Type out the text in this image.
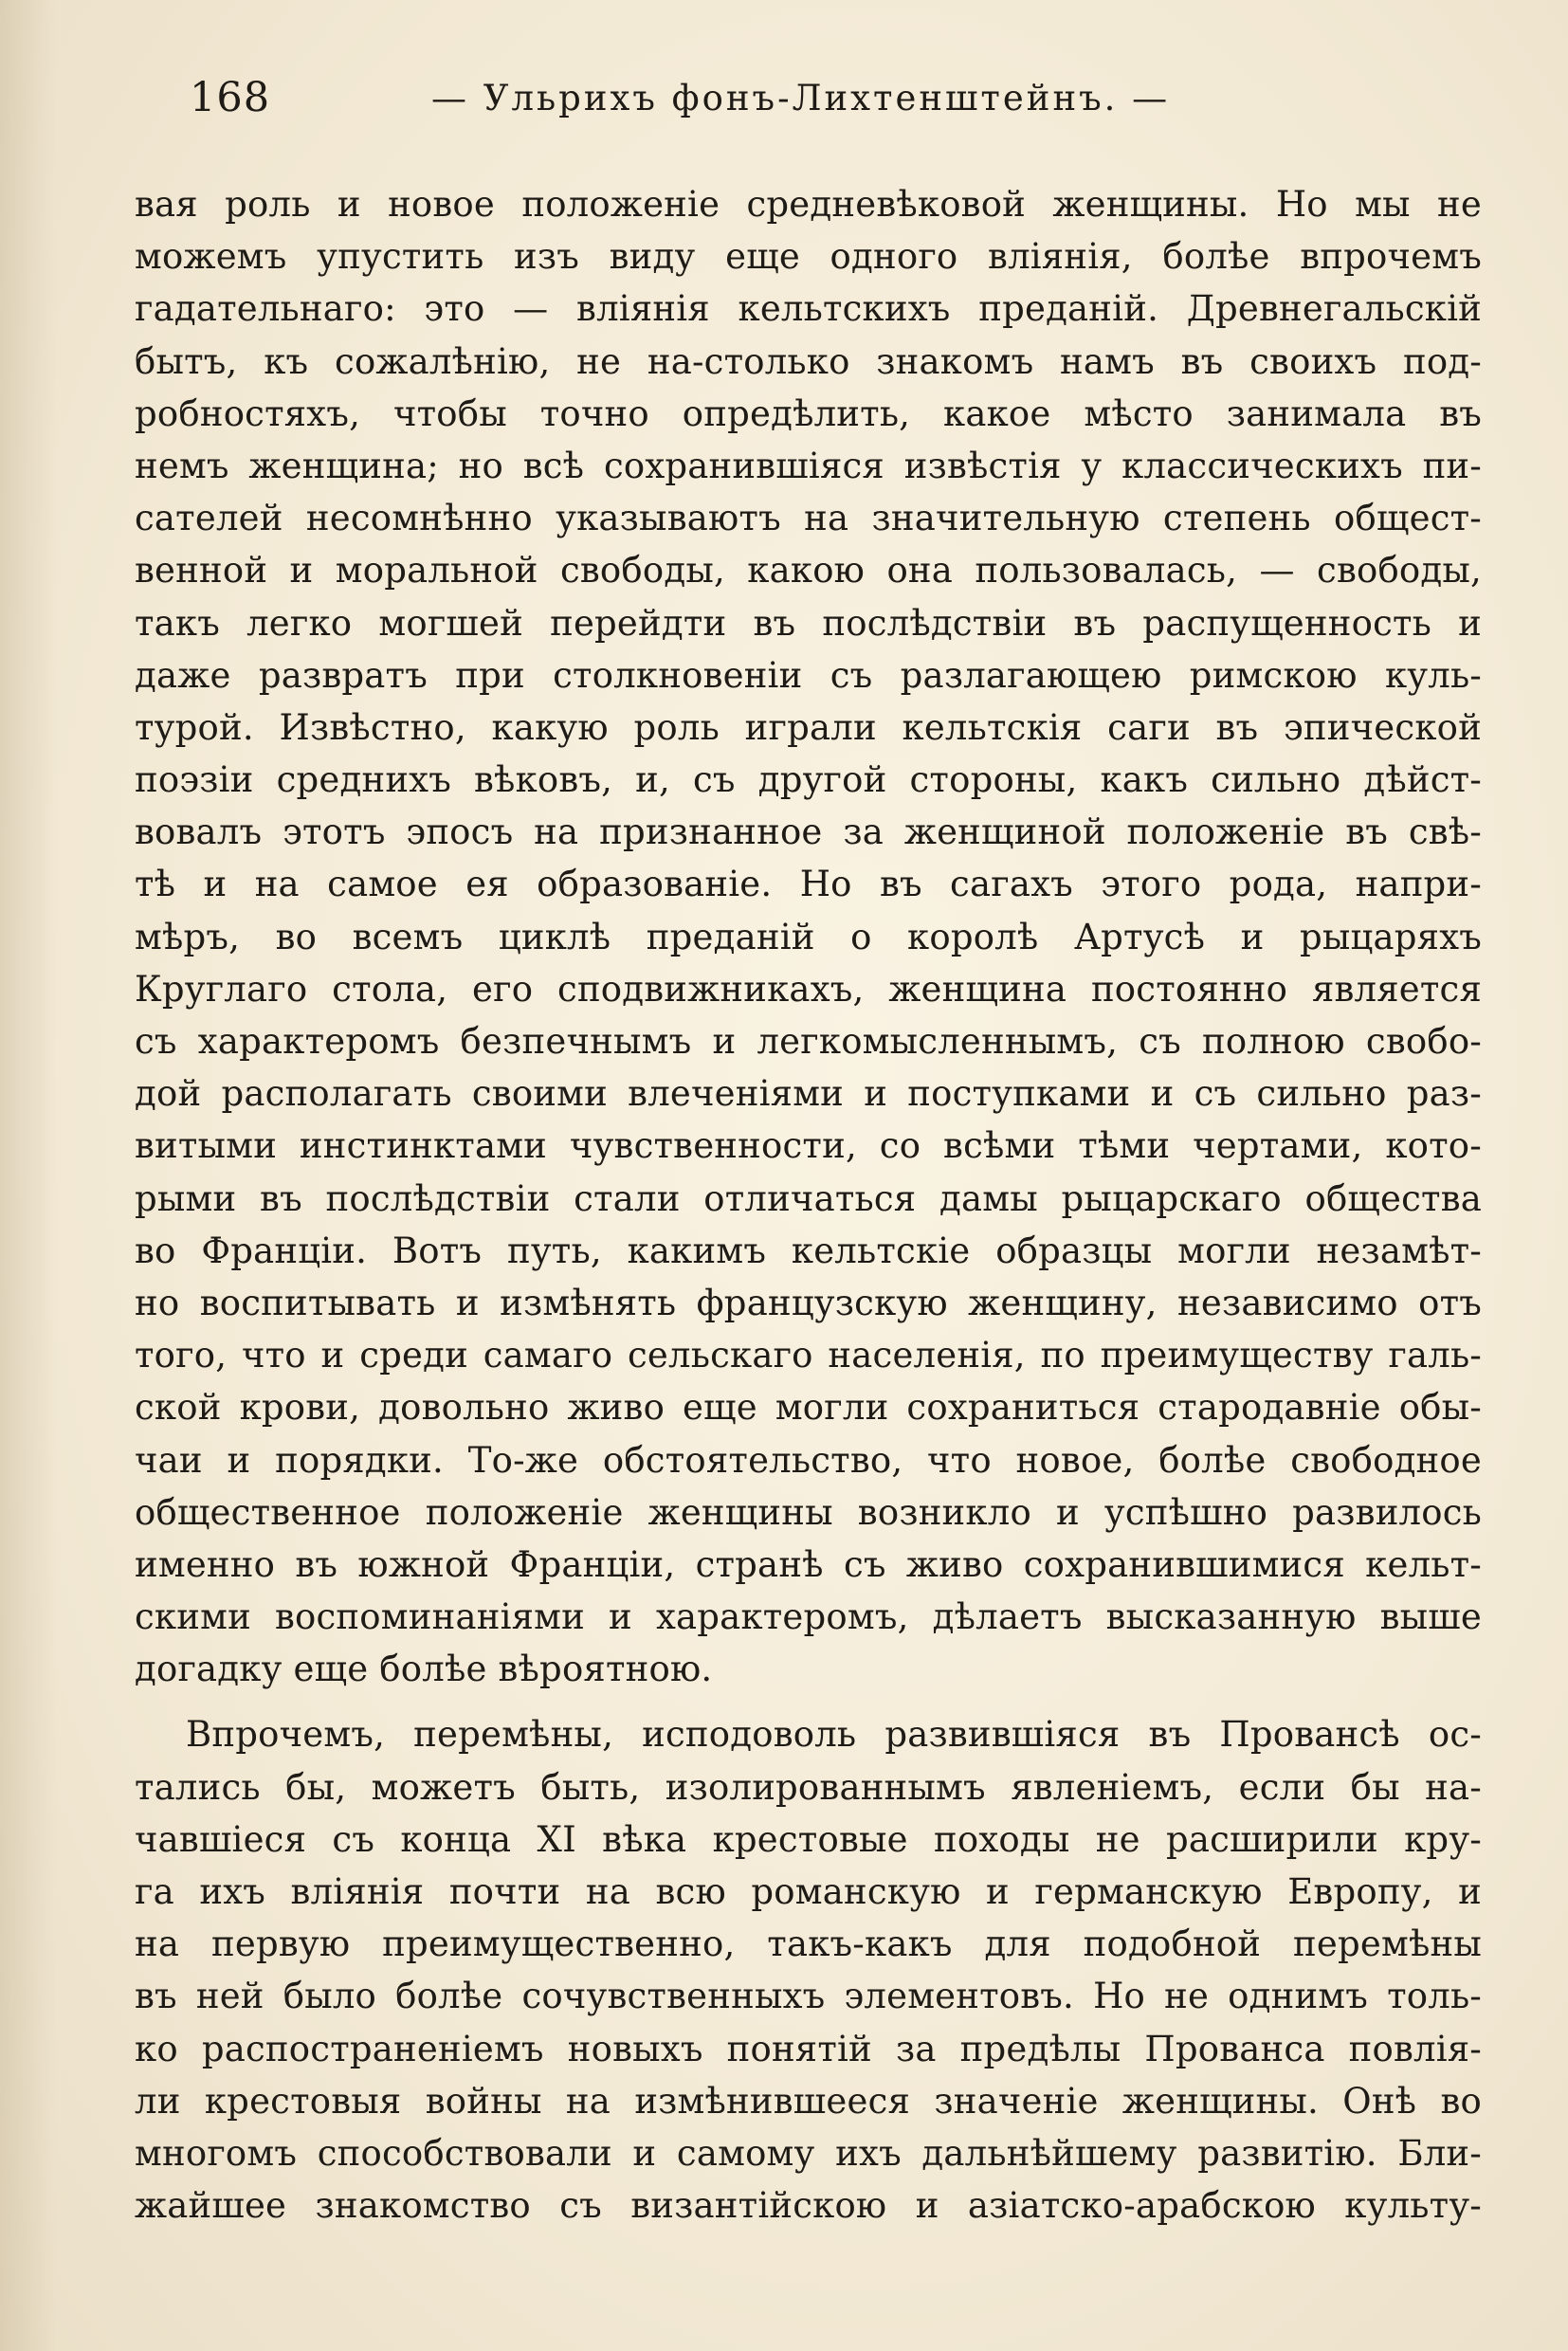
168	— Ульрихъ фонъ-Лихтенштейнъ. —
вая роль и новое положеніе средневѣковой женщины. Но мы не
можемъ упустить изъ виду еще одного вліянія, болѣе впрочемъ
гадательнаго: это — вліянія кельтскихъ преданій. Древнегальскій
бытъ, къ сожалѣнію, не на-столько знакомъ намъ въ своихъ под-
робностяхъ, чтобы точно опредѣлить, какое мѣсто занимала въ
немъ женщина; но всѣ сохранившіяся извѣстія у классическихъ пи-
сателей несомнѣнно указываютъ на значительную степень общест-
венной и моральной свободы, какою она пользовалась, — свободы,
такъ легко могшей перейдти въ послѣдствіи въ распущенность и
даже развратъ при столкновеніи съ разлагающею римскою куль-
турой. Извѣстно, какую роль играли кельтскія саги въ эпической
поэзіи среднихъ вѣковъ, и, съ другой стороны, какъ сильно дѣйст-
вовалъ этотъ эпосъ на признанное за женщиной положеніе въ свѣ-
тѣ и на самое ея образованіе. Но въ сагахъ этого рода, напри-
мѣръ, во всемъ циклѣ преданій о королѣ Артусѣ и рыцаряхъ
Круглаго стола, его сподвижникахъ, женщина постоянно является
съ характеромъ безпечнымъ и легкомысленнымъ, съ полною свобо-
дой располагать своими влеченіями и поступками и съ сильно раз-
витыми инстинктами чувственности, со всѣми тѣми чертами, кото-
рыми въ послѣдствіи стали отличаться дамы рыцарскаго общества
во Франціи. Вотъ путь, какимъ кельтскіе образцы могли незамѣт-
но воспитывать и измѣнять французскую женщину, независимо отъ
того, что и среди самаго сельскаго населенія, по преимуществу галь-
ской крови, довольно живо еще могли сохраниться стародавніе обы-
чаи и порядки. То-же обстоятельство, что новое, болѣе свободное
общественное положеніе женщины возникло и успѣшно развилось
именно въ южной Франціи, странѣ съ живо сохранившимися кельт-
скими воспоминаніями и характеромъ, дѣлаетъ высказанную выше
догадку еще болѣе вѣроятною.
Впрочемъ, перемѣны, исподоволь развившіяся въ Провансѣ ос-
тались бы, можетъ быть, изолированнымъ явленіемъ, если бы на-
чавшіеся съ конца XI вѣка крестовые походы не расширили кру-
га ихъ вліянія почти на всю романскую и германскую Европу, и
на первую преимущественно, такъ-какъ для подобной перемѣны
въ ней было болѣе сочувственныхъ элементовъ. Но не однимъ толь-
ко распостраненіемъ новыхъ понятій за предѣлы Прованса повлія-
ли крестовыя войны на измѣнившееся значеніе женщины. Онѣ во
многомъ способствовали и самому ихъ дальнѣйшему развитію. Бли-
жайшее знакомство съ византійскою и азіатско-арабскою культу-
